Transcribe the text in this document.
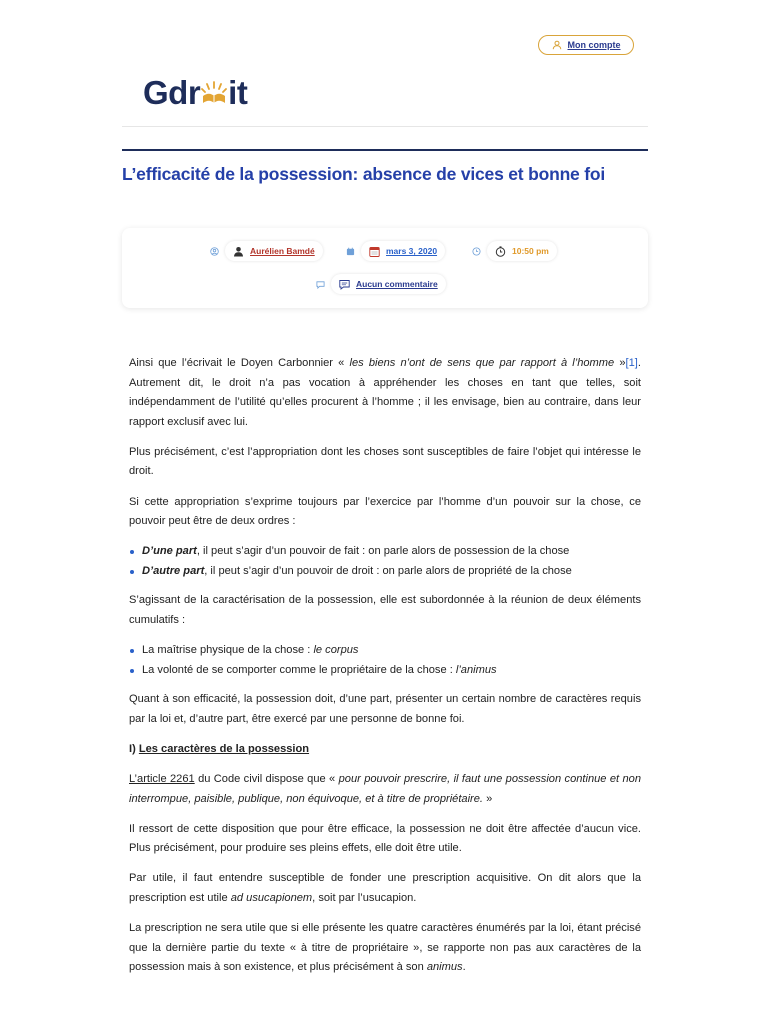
Mon compte
Gdr it
L’efficacité de la possession: absence de vices et bonne foi
Aurélien Bamdé	mars 3, 2020	10:50 pm
Aucun commentaire

Ainsi que l’écrivait le Doyen Carbonnier « les biens n’ont de sens que par rapport à l’homme »[1]. Autrement dit, le droit n’a pas vocation à appréhender les choses en tant que telles, soit indépendamment de l’utilité qu’elles procurent à l’homme ; il les envisage, bien au contraire, dans leur rapport exclusif avec lui.

Plus précisément, c’est l’appropriation dont les choses sont susceptibles de faire l’objet qui intéresse le droit.

Si cette appropriation s’exprime toujours par l’exercice par l’homme d’un pouvoir sur la chose, ce pouvoir peut être de deux ordres :

D’une part, il peut s’agir d’un pouvoir de fait : on parle alors de possession de la chose
D’autre part, il peut s’agir d’un pouvoir de droit : on parle alors de propriété de la chose

S’agissant de la caractérisation de la possession, elle est subordonnée à la réunion de deux éléments cumulatifs :

La maîtrise physique de la chose : le corpus
La volonté de se comporter comme le propriétaire de la chose : l’animus

Quant à son efficacité, la possession doit, d’une part, présenter un certain nombre de caractères requis par la loi et, d’autre part, être exercé par une personne de bonne foi.

I) Les caractères de la possession

L’article 2261 du Code civil dispose que « pour pouvoir prescrire, il faut une possession continue et non interrompue, paisible, publique, non équivoque, et à titre de propriétaire. »

Il ressort de cette disposition que pour être efficace, la possession ne doit être affectée d’aucun vice. Plus précisément, pour produire ses pleins effets, elle doit être utile.

Par utile, il faut entendre susceptible de fonder une prescription acquisitive. On dit alors que la prescription est utile ad usucapionem, soit par l’usucapion.

La prescription ne sera utile que si elle présente les quatre caractères énumérés par la loi, étant précisé que la dernière partie du texte « à titre de propriétaire », se rapporte non pas aux caractères de la possession mais à son existence, et plus précisément à son animus.
